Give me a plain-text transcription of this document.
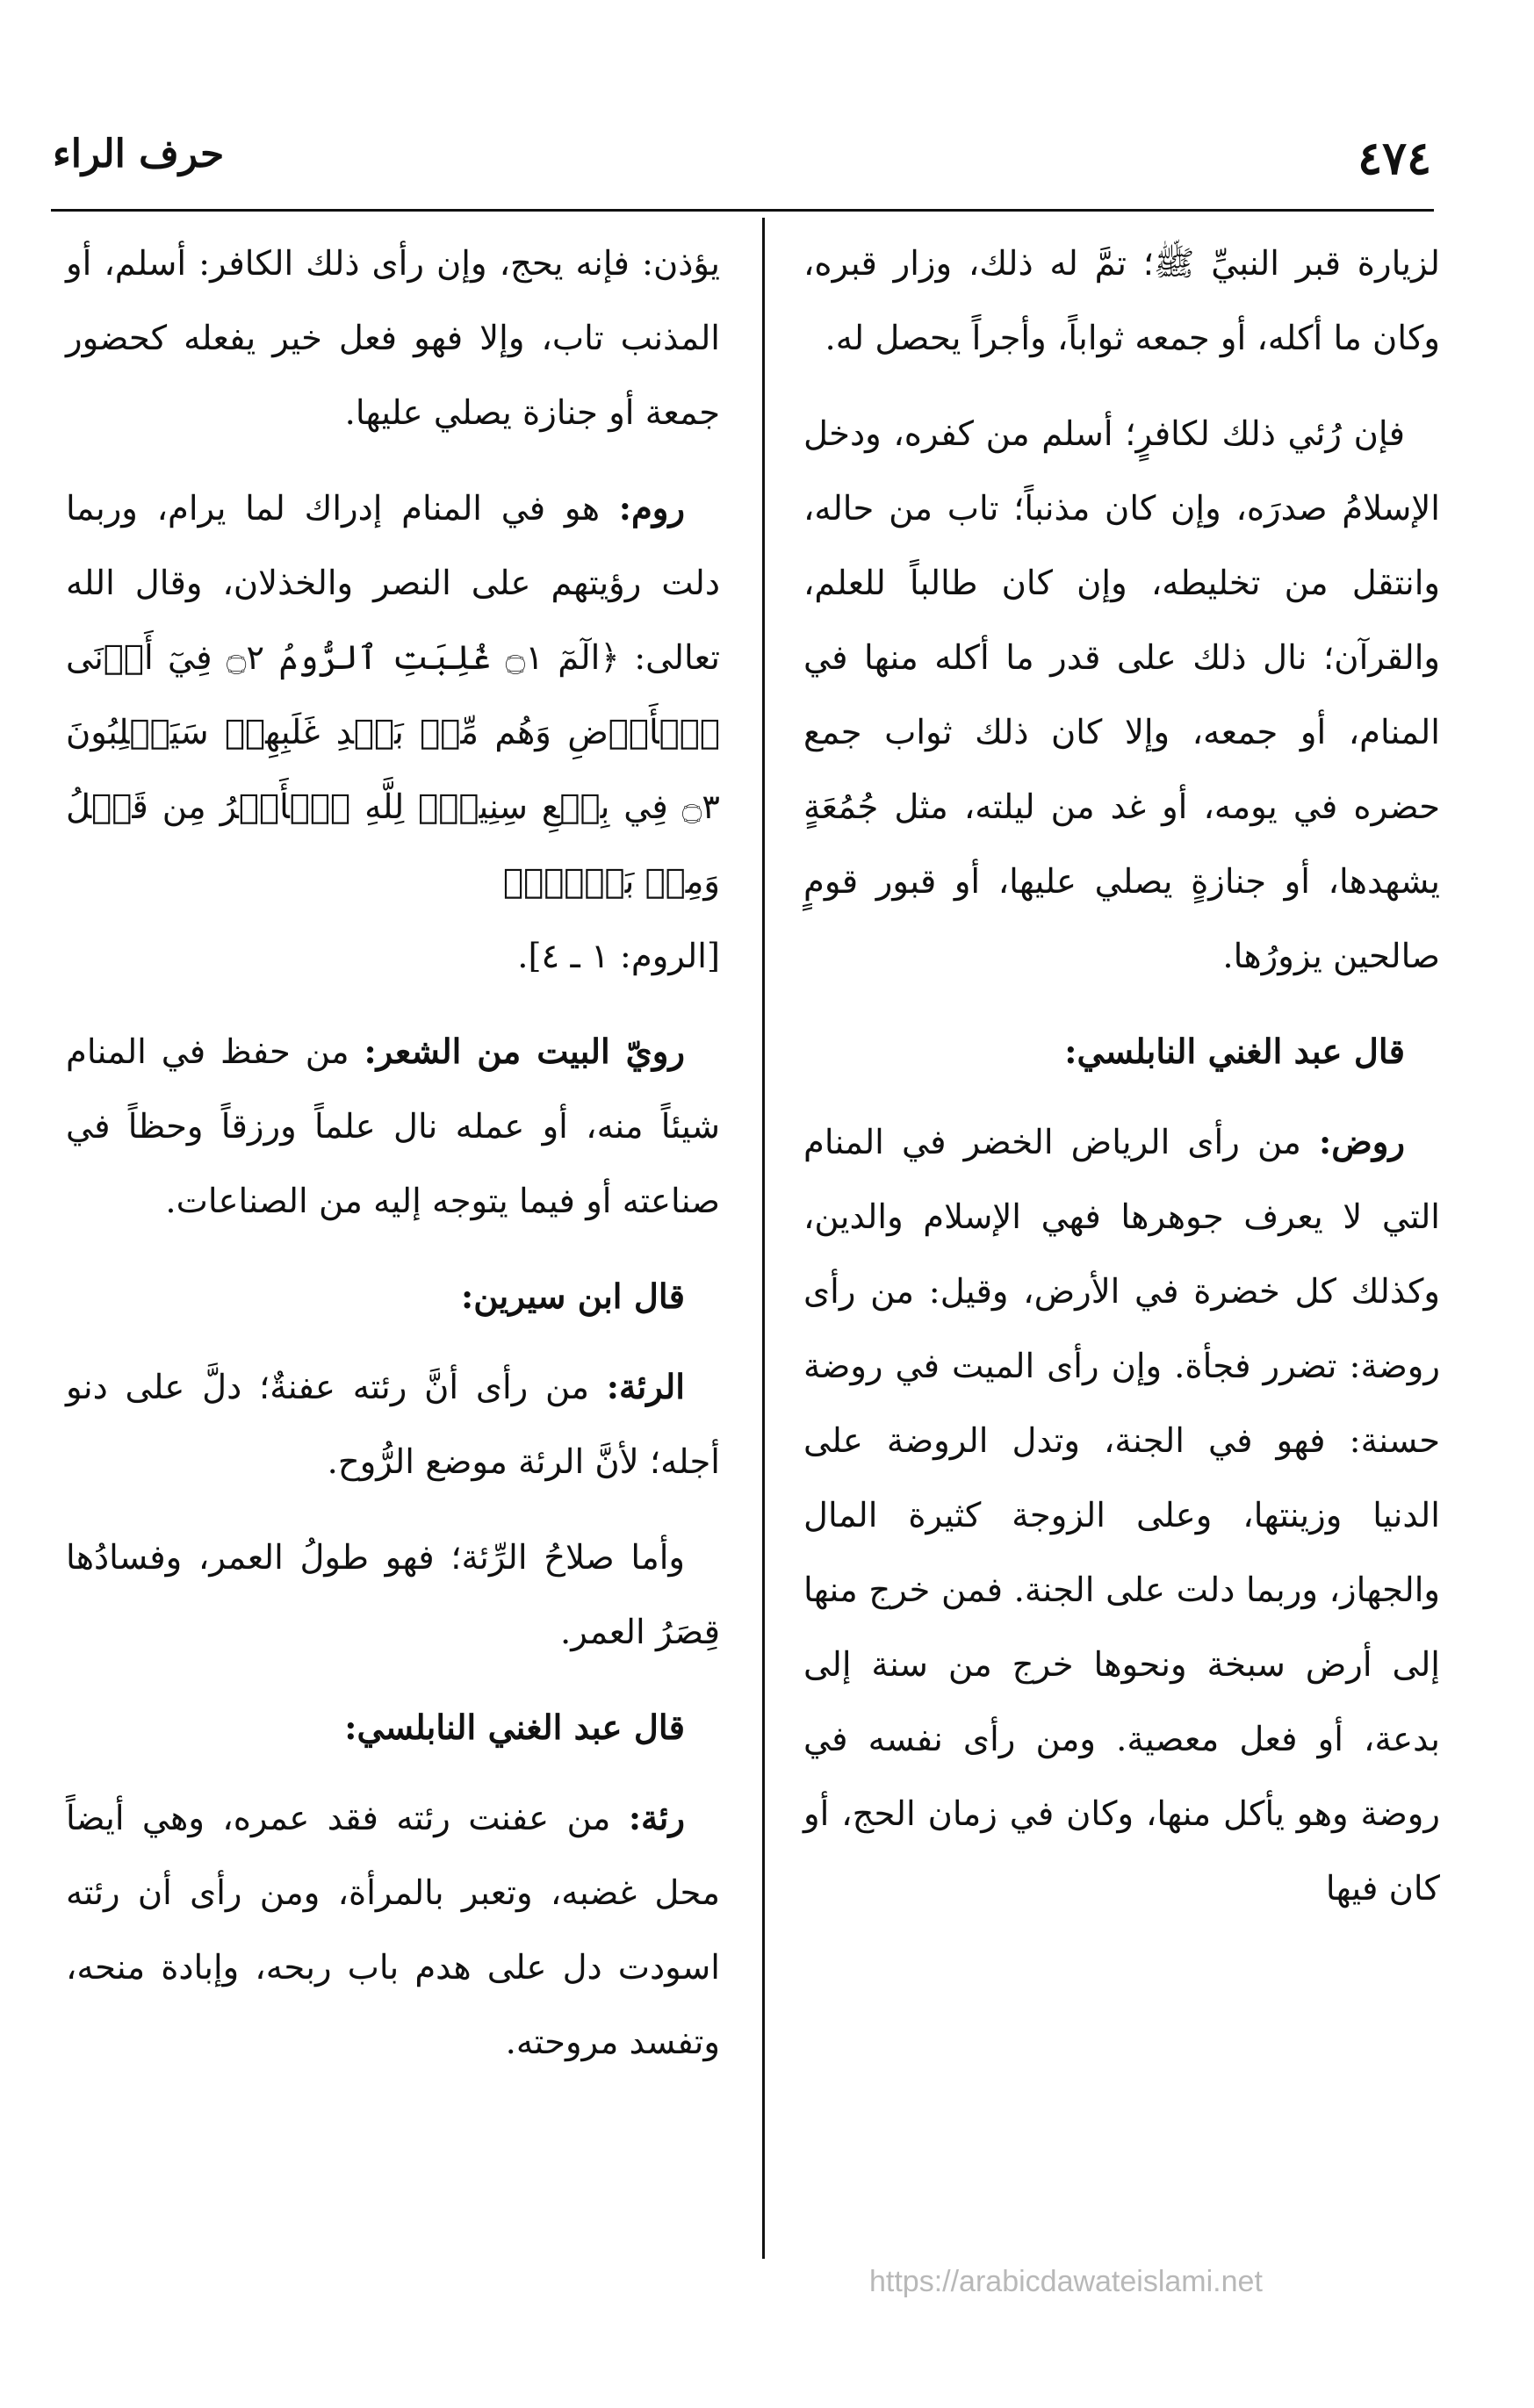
٤٧٤
حرف الراء

لزيارة قبر النبيِّ ﷺ؛ تمَّ له ذلك، وزار قبره، وكان ما أكله، أو جمعه ثواباً، وأجراً يحصل له.

فإن رُئي ذلك لكافرٍ؛ أسلم من كفره، ودخل الإسلامُ صدرَه، وإن كان مذنباً؛ تاب من حاله، وانتقل من تخليطه، وإن كان طالباً للعلم، والقرآن؛ نال ذلك على قدر ما أكله منها في المنام، أو جمعه، وإلا كان ذلك ثواب جمع حضره في يومه، أو غد من ليلته، مثل جُمُعَةٍ يشهدها، أو جنازةٍ يصلي عليها، أو قبور قومٍ صالحين يزورُها.

قال عبد الغني النابلسي:

روض: من رأى الرياض الخضر في المنام التي لا يعرف جوهرها فهي الإسلام والدين، وكذلك كل خضرة في الأرض، وقيل: من رأى روضة: تضرر فجأة. وإن رأى الميت في روضة حسنة: فهو في الجنة، وتدل الروضة على الدنيا وزينتها، وعلى الزوجة كثيرة المال والجهاز، وربما دلت على الجنة. فمن خرج منها إلى أرض سبخة ونحوها خرج من سنة إلى بدعة، أو فعل معصية. ومن رأى نفسه في روضة وهو يأكل منها، وكان في زمان الحج، أو كان فيها

يؤذن: فإنه يحج، وإن رأى ذلك الكافر: أسلم، أو المذنب تاب، وإلا فهو فعل خير يفعله كحضور جمعة أو جنازة يصلي عليها.

روم: هو في المنام إدراك لما يرام، وربما دلت رؤيتهم على النصر والخذلان، وقال الله تعالى: ﴿الٓمٓ ۝١ غُلِبَتِ ٱلرُّومُ ۝٢ فِيٓ أَدۡنَى ٱلۡأَرۡضِ وَهُم مِّنۢ بَعۡدِ غَلَبِهِمۡ سَيَغۡلِبُونَ ۝٣ فِي بِضۡعِ سِنِينَۗ لِلَّهِ ٱلۡأَمۡرُ مِن قَبۡلُ وَمِنۢ بَعۡدُۚ﴾

[الروم: ١ ـ ٤].

رويّ البيت من الشعر: من حفظ في المنام شيئاً منه، أو عمله نال علماً ورزقاً وحظاً في صناعته أو فيما يتوجه إليه من الصناعات.

قال ابن سيرين:

الرئة: من رأى أنَّ رئته عفنةٌ؛ دلَّ على دنو أجله؛ لأنَّ الرئة موضع الرُّوح.

وأما صلاحُ الرِّئة؛ فهو طولُ العمر، وفسادُها قِصَرُ العمر.

قال عبد الغني النابلسي:

رئة: من عفنت رئته فقد عمره، وهي أيضاً محل غضبه، وتعبر بالمرأة، ومن رأى أن رئته اسودت دل على هدم باب ربحه، وإبادة منحه، وتفسد مروحته.

https://arabicdawateislami.net
